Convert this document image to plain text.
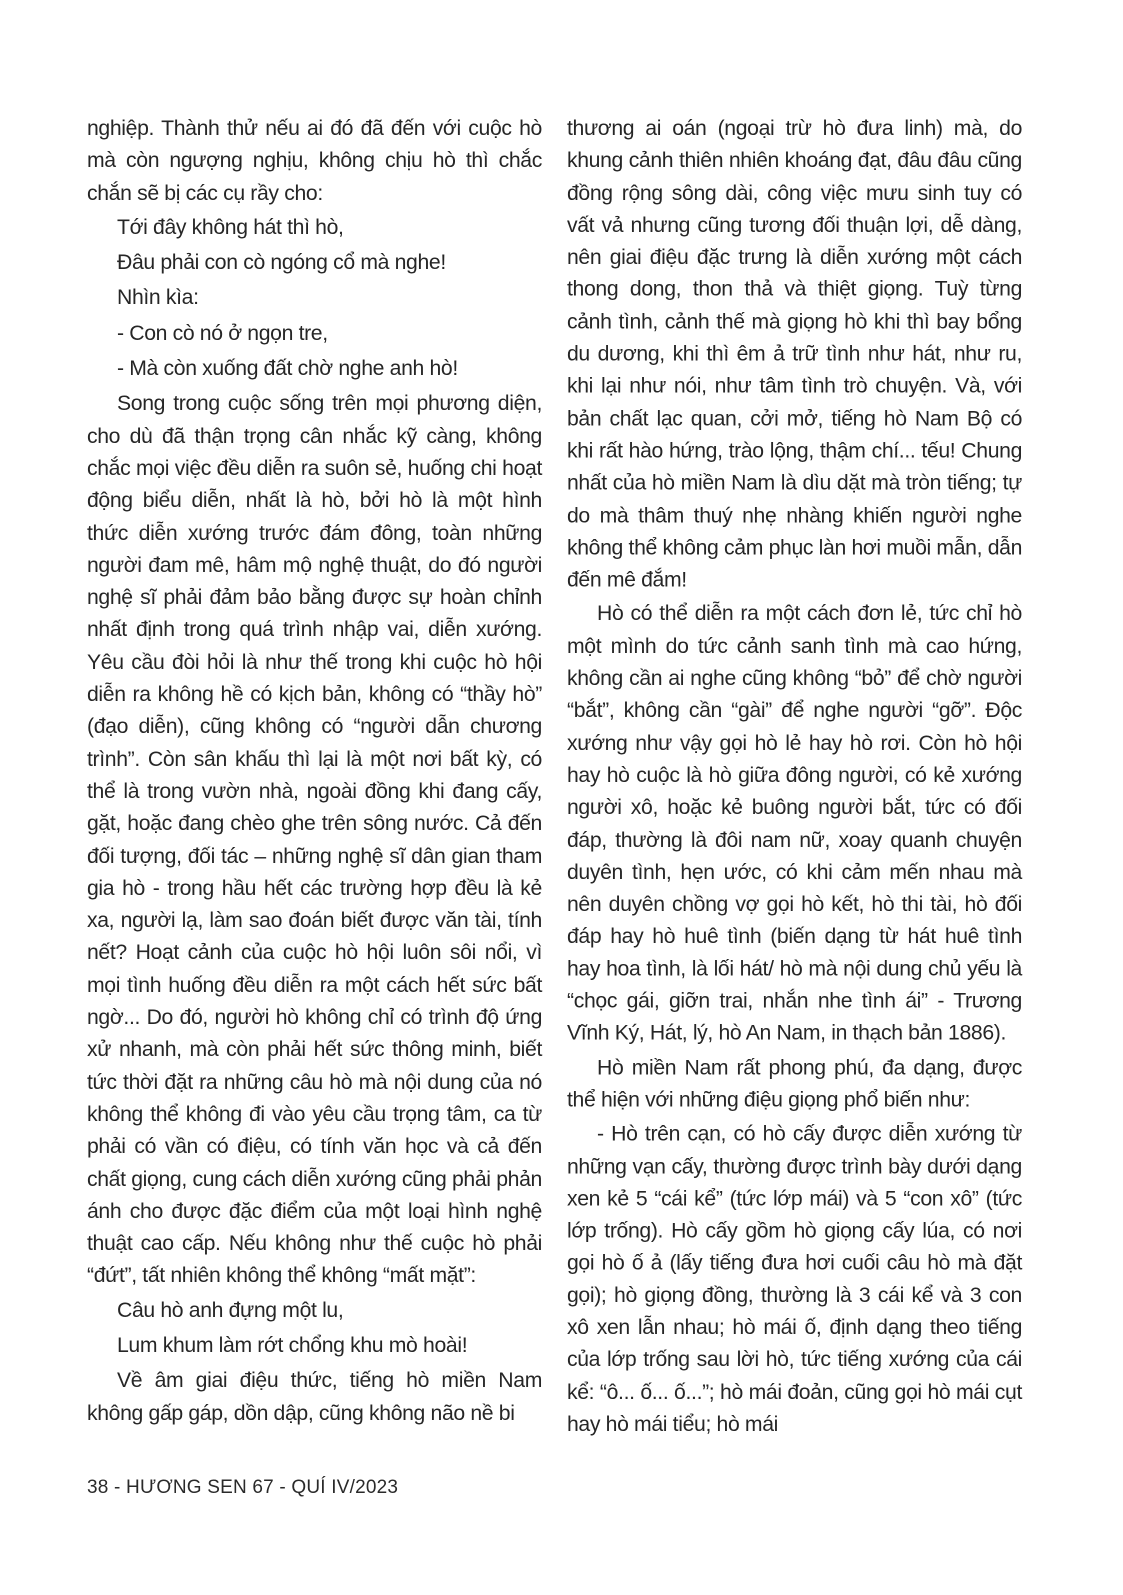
nghiệp. Thành thử nếu ai đó đã đến với cuộc hò mà còn ngượng nghịu, không chịu hò thì chắc chắn sẽ bị các cụ rầy cho:

Tới đây không hát thì hò,

Đâu phải con cò ngóng cổ mà nghe!

Nhìn kìa:

- Con cò nó ở ngọn tre,

- Mà còn xuống đất chờ nghe anh hò!

Song trong cuộc sống trên mọi phương diện, cho dù đã thận trọng cân nhắc kỹ càng, không chắc mọi việc đều diễn ra suôn sẻ, huống chi hoạt động biểu diễn, nhất là hò, bởi hò là một hình thức diễn xướng trước đám đông, toàn những người đam mê, hâm mộ nghệ thuật, do đó người nghệ sĩ phải đảm bảo bằng được sự hoàn chỉnh nhất định trong quá trình nhập vai, diễn xướng. Yêu cầu đòi hỏi là như thế trong khi cuộc hò hội diễn ra không hề có kịch bản, không có “thầy hò” (đạo diễn), cũng không có “người dẫn chương trình”. Còn sân khấu thì lại là một nơi bất kỳ, có thể là trong vườn nhà, ngoài đồng khi đang cấy, gặt, hoặc đang chèo ghe trên sông nước. Cả đến đối tượng, đối tác – những nghệ sĩ dân gian tham gia hò - trong hầu hết các trường hợp đều là kẻ xa, người lạ, làm sao đoán biết được văn tài, tính nết? Hoạt cảnh của cuộc hò hội luôn sôi nổi, vì mọi tình huống đều diễn ra một cách hết sức bất ngờ... Do đó, người hò không chỉ có trình độ ứng xử nhanh, mà còn phải hết sức thông minh, biết tức thời đặt ra những câu hò mà nội dung của nó không thể không đi vào yêu cầu trọng tâm, ca từ phải có vần có điệu, có tính văn học và cả đến chất giọng, cung cách diễn xướng cũng phải phản ánh cho được đặc điểm của một loại hình nghệ thuật cao cấp. Nếu không như thế cuộc hò phải “đứt”, tất nhiên không thể không “mất mặt”:

Câu hò anh đựng một lu,

Lum khum làm rớt chổng khu mò hoài!

Về âm giai điệu thức, tiếng hò miền Nam không gấp gáp, dồn dập, cũng không não nề bi

thương ai oán (ngoại trừ hò đưa linh) mà, do khung cảnh thiên nhiên khoáng đạt, đâu đâu cũng đồng rộng sông dài, công việc mưu sinh tuy có vất vả nhưng cũng tương đối thuận lợi, dễ dàng, nên giai điệu đặc trưng là diễn xướng một cách thong dong, thon thả và thiệt giọng. Tuỳ từng cảnh tình, cảnh thế mà giọng hò khi thì bay bổng du dương, khi thì êm ả trữ tình như hát, như ru, khi lại như nói, như tâm tình trò chuyện. Và, với bản chất lạc quan, cởi mở, tiếng hò Nam Bộ có khi rất hào hứng, trào lộng, thậm chí... tếu! Chung nhất của hò miền Nam là dìu dặt mà tròn tiếng; tự do mà thâm thuý nhẹ nhàng khiến người nghe không thể không cảm phục làn hơi muồi mẫn, dẫn đến mê đắm!

Hò có thể diễn ra một cách đơn lẻ, tức chỉ hò một mình do tức cảnh sanh tình mà cao hứng, không cần ai nghe cũng không “bỏ” để chờ người “bắt”, không cần “gài” để nghe người “gỡ”. Độc xướng như vậy gọi hò lẻ hay hò rơi. Còn hò hội hay hò cuộc là hò giữa đông người, có kẻ xướng người xô, hoặc kẻ buông người bắt, tức có đối đáp, thường là đôi nam nữ, xoay quanh chuyện duyên tình, hẹn ước, có khi cảm mến nhau mà nên duyên chồng vợ gọi hò kết, hò thi tài, hò đối đáp hay hò huê tình (biến dạng từ hát huê tình hay hoa tình, là lối hát/ hò mà nội dung chủ yếu là “chọc gái, giỡn trai, nhắn nhe tình ái” - Trương Vĩnh Ký, Hát, lý, hò An Nam, in thạch bản 1886).

Hò miền Nam rất phong phú, đa dạng, được thể hiện với những điệu giọng phổ biến như:

- Hò trên cạn, có hò cấy được diễn xướng từ những vạn cấy, thường được trình bày dưới dạng xen kẻ 5 “cái kể” (tức lớp mái) và 5 “con xô” (tức lớp trống). Hò cấy gồm hò giọng cấy lúa, có nơi gọi hò ố ả (lấy tiếng đưa hơi cuối câu hò mà đặt gọi); hò giọng đồng, thường là 3 cái kể và 3 con xô xen lẫn nhau; hò mái ố, định dạng theo tiếng của lớp trống sau lời hò, tức tiếng xướng của cái kể: “ô... ố... ố...”; hò mái đoản, cũng gọi hò mái cụt hay hò mái tiểu; hò mái

38 - HƯƠNG SEN 67 - QUÍ IV/2023
